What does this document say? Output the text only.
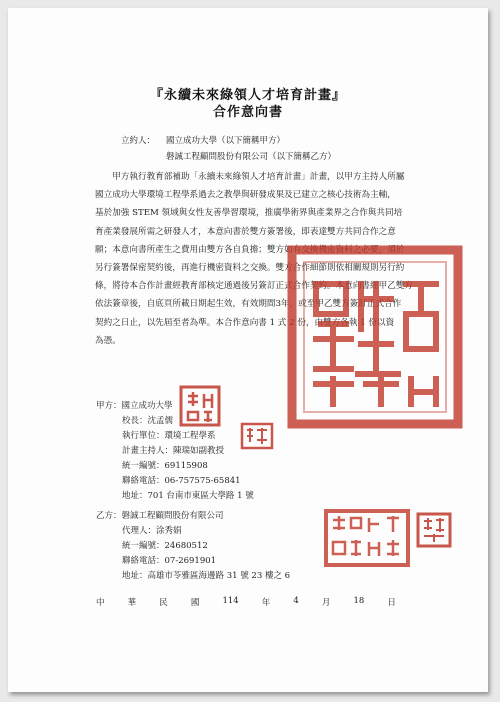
『永續未來綠領人才培育計畫』
合作意向書
立約人： 國立成功大學（以下簡稱甲方）
磐誠工程顧問股份有限公司（以下簡稱乙方）

　　甲方執行教育部補助「永續未來綠領人才培育計畫」計畫，以甲方主持人所屬

國立成功大學環境工程學系過去之教學與研發成果及已建立之核心技術為主軸，

基於加強 STEM 領域與女性友善學習環境，推廣學術界與產業界之合作與共同培

育產業發展所需之研發人才，本意向書於雙方簽署後，即表達雙方共同合作之意

願；本意向書所產生之費用由雙方各自負擔；雙方如有交換機密資料之必要，須於

另行簽署保密契約後，再進行機密資料之交換。雙方合作細節則依相關規則另行約

條，將待本合作計畫經教育部核定通過後另簽訂正式合作契約。本意向書經甲乙雙方

依法簽章後，自底頁所載日期起生效，有效期間3年，或至甲乙雙方簽訂正式合作

契約之日止，以先屆至者為準。本合作意向書 1 式 2 份，由雙方各執 1 份以資

為憑。

甲方：國立成功大學
校長：沈孟儒
執行單位：環境工程學系
計畫主持人：陳瑞如副教授
統一編號：69115908
聯絡電話：06-757575-65841
地址：701 台南市東區大學路 1 號
乙方：磐誠工程顧問股份有限公司
代理人：涂秀娟
統一編號：24680512
聯絡電話：07-2691901
地址：高雄市苓雅區海邊路 31 號 23 樓之 6
中	華	民	國	114	年	4	月	18	日
